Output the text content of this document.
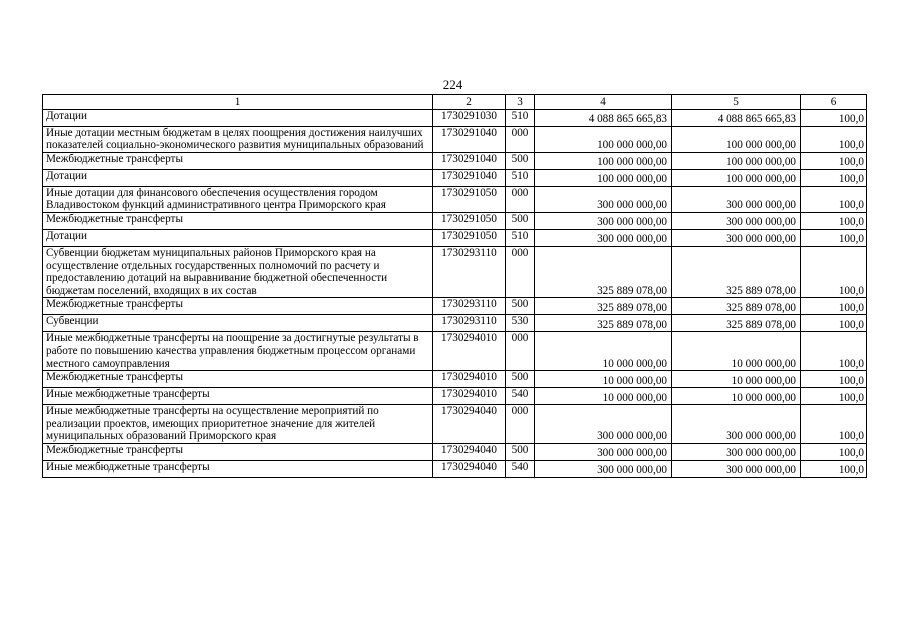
224
1	2	3	4	5	6
Дотации	1730291030	510	4 088 865 665,83	4 088 865 665,83	100,0
Иные дотации местным бюджетам в целях поощрения достижения наилучших показателей социально-экономического развития муниципальных образований	1730291040	000	100 000 000,00	100 000 000,00	100,0
Межбюджетные трансферты	1730291040	500	100 000 000,00	100 000 000,00	100,0
Дотации	1730291040	510	100 000 000,00	100 000 000,00	100,0
Иные дотации для финансового обеспечения осуществления городом Владивостоком функций административного центра Приморского края	1730291050	000	300 000 000,00	300 000 000,00	100,0
Межбюджетные трансферты	1730291050	500	300 000 000,00	300 000 000,00	100,0
Дотации	1730291050	510	300 000 000,00	300 000 000,00	100,0
Субвенции бюджетам муниципальных районов Приморского края на осуществление отдельных государственных полномочий по расчету и предоставлению дотаций на выравнивание бюджетной обеспеченности бюджетам поселений, входящих в их состав	1730293110	000	325 889 078,00	325 889 078,00	100,0
Межбюджетные трансферты	1730293110	500	325 889 078,00	325 889 078,00	100,0
Субвенции	1730293110	530	325 889 078,00	325 889 078,00	100,0
Иные межбюджетные трансферты на поощрение за достигнутые результаты в работе по повышению качества управления бюджетным процессом органами местного самоуправления	1730294010	000	10 000 000,00	10 000 000,00	100,0
Межбюджетные трансферты	1730294010	500	10 000 000,00	10 000 000,00	100,0
Иные межбюджетные трансферты	1730294010	540	10 000 000,00	10 000 000,00	100,0
Иные межбюджетные трансферты на осуществление мероприятий по реализации проектов, имеющих приоритетное значение для жителей муниципальных образований Приморского края	1730294040	000	300 000 000,00	300 000 000,00	100,0
Межбюджетные трансферты	1730294040	500	300 000 000,00	300 000 000,00	100,0
Иные межбюджетные трансферты	1730294040	540	300 000 000,00	300 000 000,00	100,0
